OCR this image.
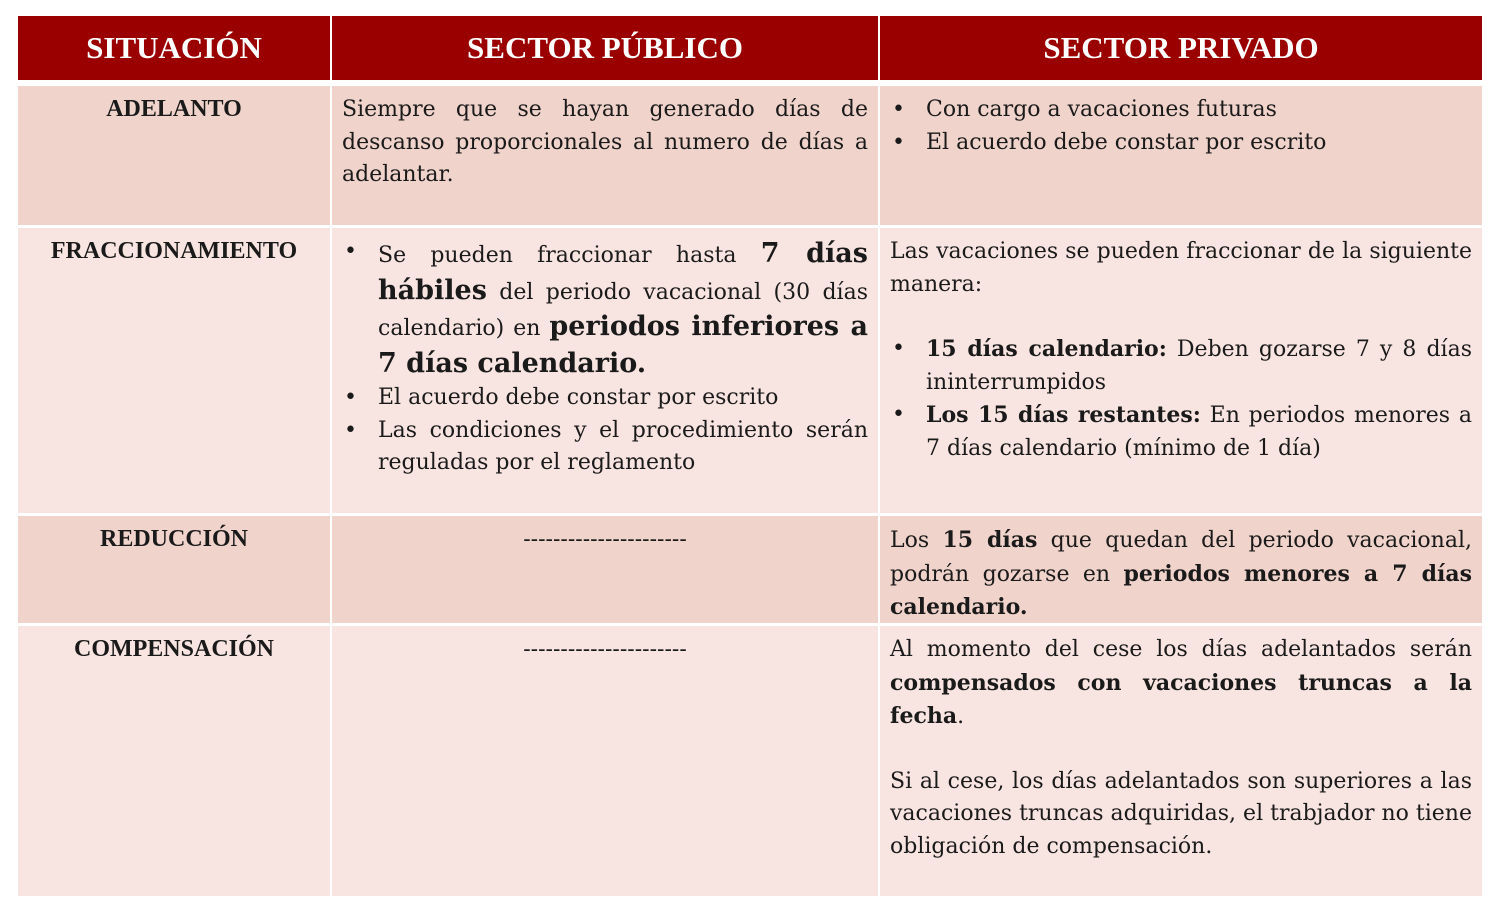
SITUACIÓN	SECTOR PÚBLICO	SECTOR PRIVADO
ADELANTO	Siempre que se hayan generado días de descanso proporcionales al numero de días a adelantar.
• Con cargo a vacaciones futuras
• El acuerdo debe constar por escrito
FRACCIONAMIENTO
•	Se pueden fraccionar hasta 7 días hábiles del periodo vacacional (30 días calendario) en periodos inferiores a 7 días calendario.
• El acuerdo debe constar por escrito
• Las condiciones y el procedimiento serán reguladas por el reglamento
Las vacaciones se pueden fraccionar de la siguiente manera:
• 15 días calendario: Deben gozarse 7 y 8 días ininterrumpidos
• Los 15 días restantes: En periodos menores a 7 días calendario (mínimo de 1 día)
REDUCCIÓN	----------------------	Los 15 días que quedan del periodo vacacional, podrán gozarse en periodos menores a 7 días calendario.
COMPENSACIÓN	----------------------	Al momento del cese los días adelantados serán compensados con vacaciones truncas a la fecha.
Si al cese, los días adelantados son superiores a las vacaciones truncas adquiridas, el trabjador no tiene obligación de compensación.
